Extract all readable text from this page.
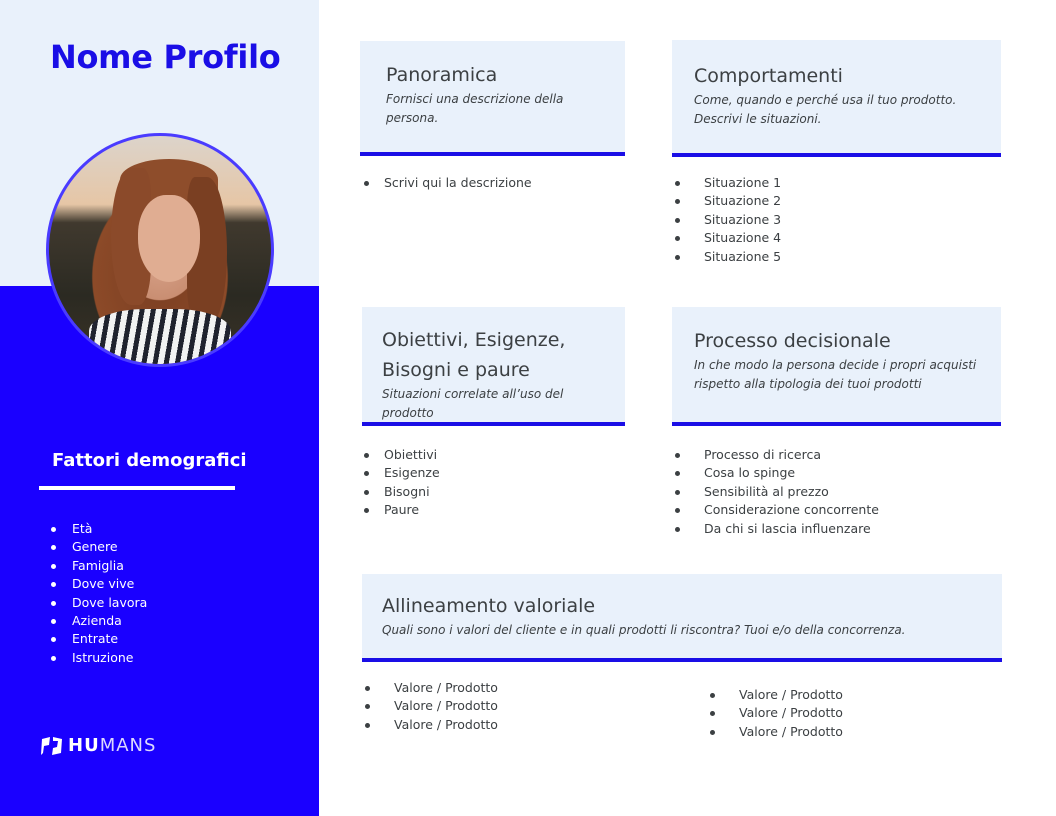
Nome Profilo
Fattori demografici
Età
Genere
Famiglia
Dove vive
Dove lavora
Azienda
Entrate
Istruzione
HU MANS
Panoramica
Fornisci una descrizione della persona.
Scrivi qui la descrizione
Comportamenti
Come, quando e perché usa il tuo prodotto.
Descrivi le situazioni.
Situazione 1
Situazione 2
Situazione 3
Situazione 4
Situazione 5
Obiettivi, Esigenze,
Bisogni e paure
Situazioni correlate all’uso del prodotto
Obiettivi
Esigenze
Bisogni
Paure
Processo decisionale
In che modo la persona decide i propri acquisti
rispetto alla tipologia dei tuoi prodotti
Processo di ricerca
Cosa lo spinge
Sensibilità al prezzo
Considerazione concorrente
Da chi si lascia influenzare
Allineamento valoriale
Quali sono i valori del cliente e in quali prodotti li riscontra? Tuoi e/o della concorrenza.
Valore / Prodotto
Valore / Prodotto
Valore / Prodotto
Valore / Prodotto
Valore / Prodotto
Valore / Prodotto
